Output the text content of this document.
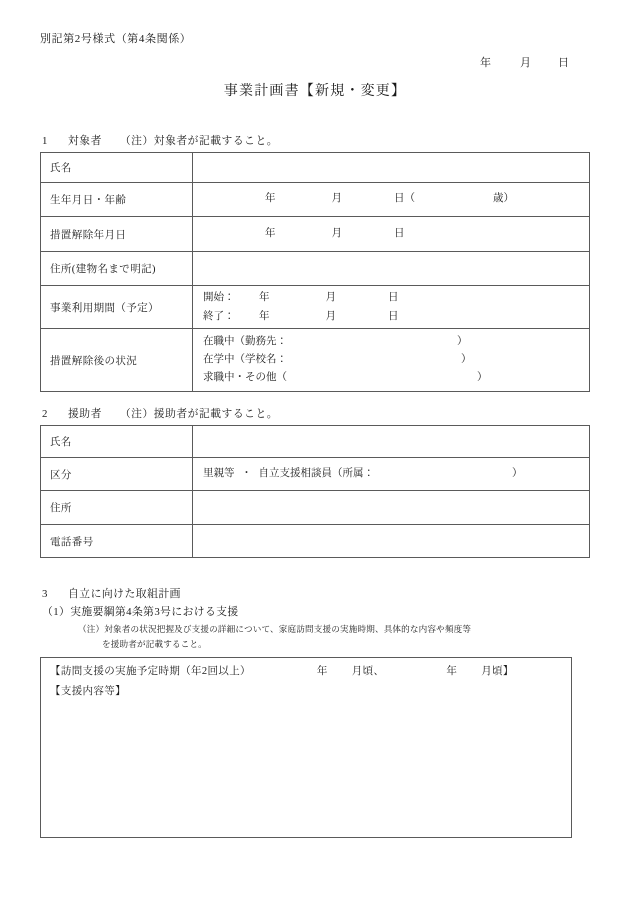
別記第2号様式（第4条関係）
年	月 日
事業計画書【新規・変更】
1 対象者 （注）対象者が記載すること。
氏名	
生年月日・年齢	年 月 日（ 歳）

措置解除年月日	年 月 日

住所(建物名まで明記)	
事業利用期間（予定）	開始： 年 月 日
終了： 年 月 日

措置解除後の状況	在職中（勤務先： ）
在学中（学校名： ）
求職中・その他（ ）
2 援助者 （注）援助者が記載すること。
氏名	
区分	里親等 ・ 自立支援相談員（所属： ）

住所	
電話番号	
3 自立に向けた取組計画
（1）実施要綱第4条第3号における支援
（注）対象者の状況把握及び支援の詳細について、家庭訪問支援の実施時期、具体的な内容や頻度等
を援助者が記載すること。
【訪問支援の実施予定時期（年2回以上）	年 月頃、	年 月頃】
【支援内容等】
